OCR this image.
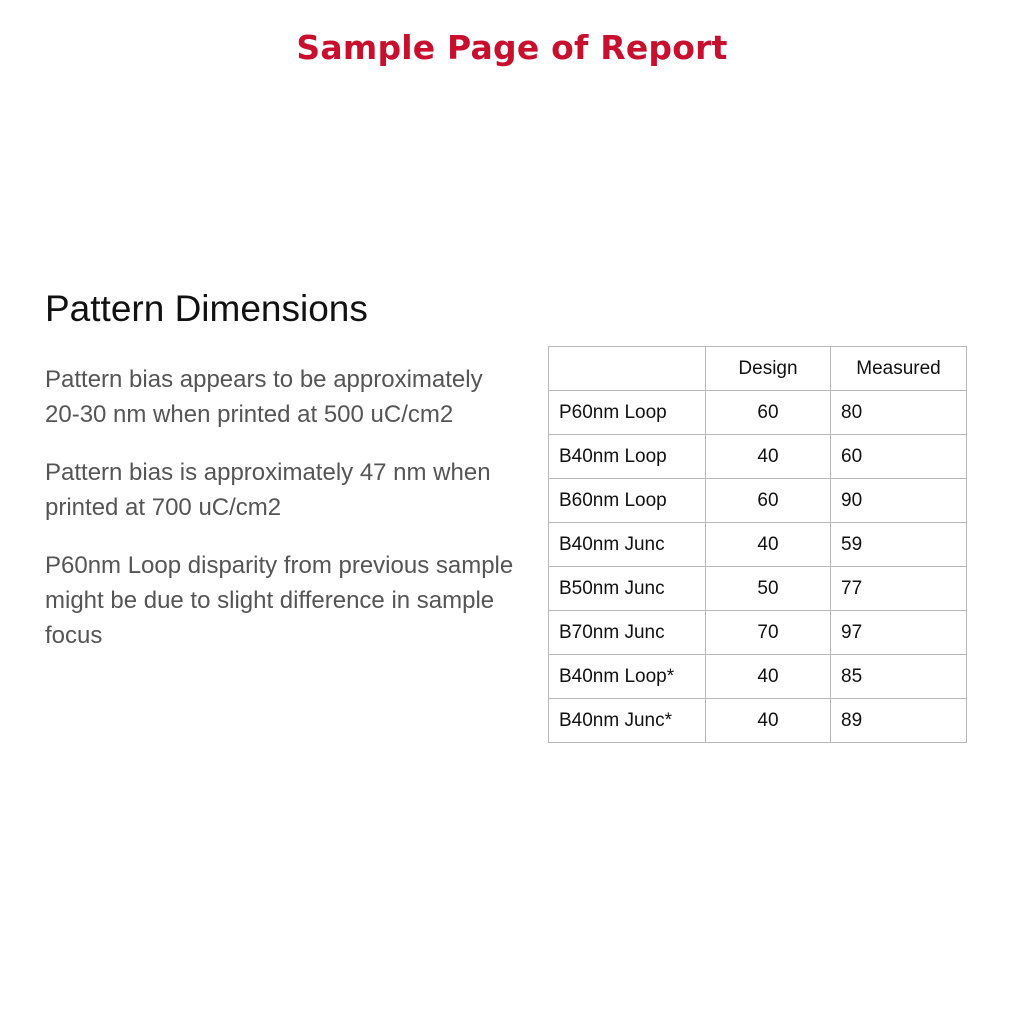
Sample Page of Report
Pattern Dimensions

Pattern bias appears to be approximately 20-30 nm when printed at 500 uC/cm2

Pattern bias is approximately 47 nm when printed at 700 uC/cm2

P60nm Loop disparity from previous sample might be due to slight difference in sample focus

	Design	Measured
P60nm Loop	60	80
B40nm Loop	40	60
B60nm Loop	60	90
B40nm Junc	40	59
B50nm Junc	50	77
B70nm Junc	70	97
B40nm Loop*	40	85
B40nm Junc*	40	89
